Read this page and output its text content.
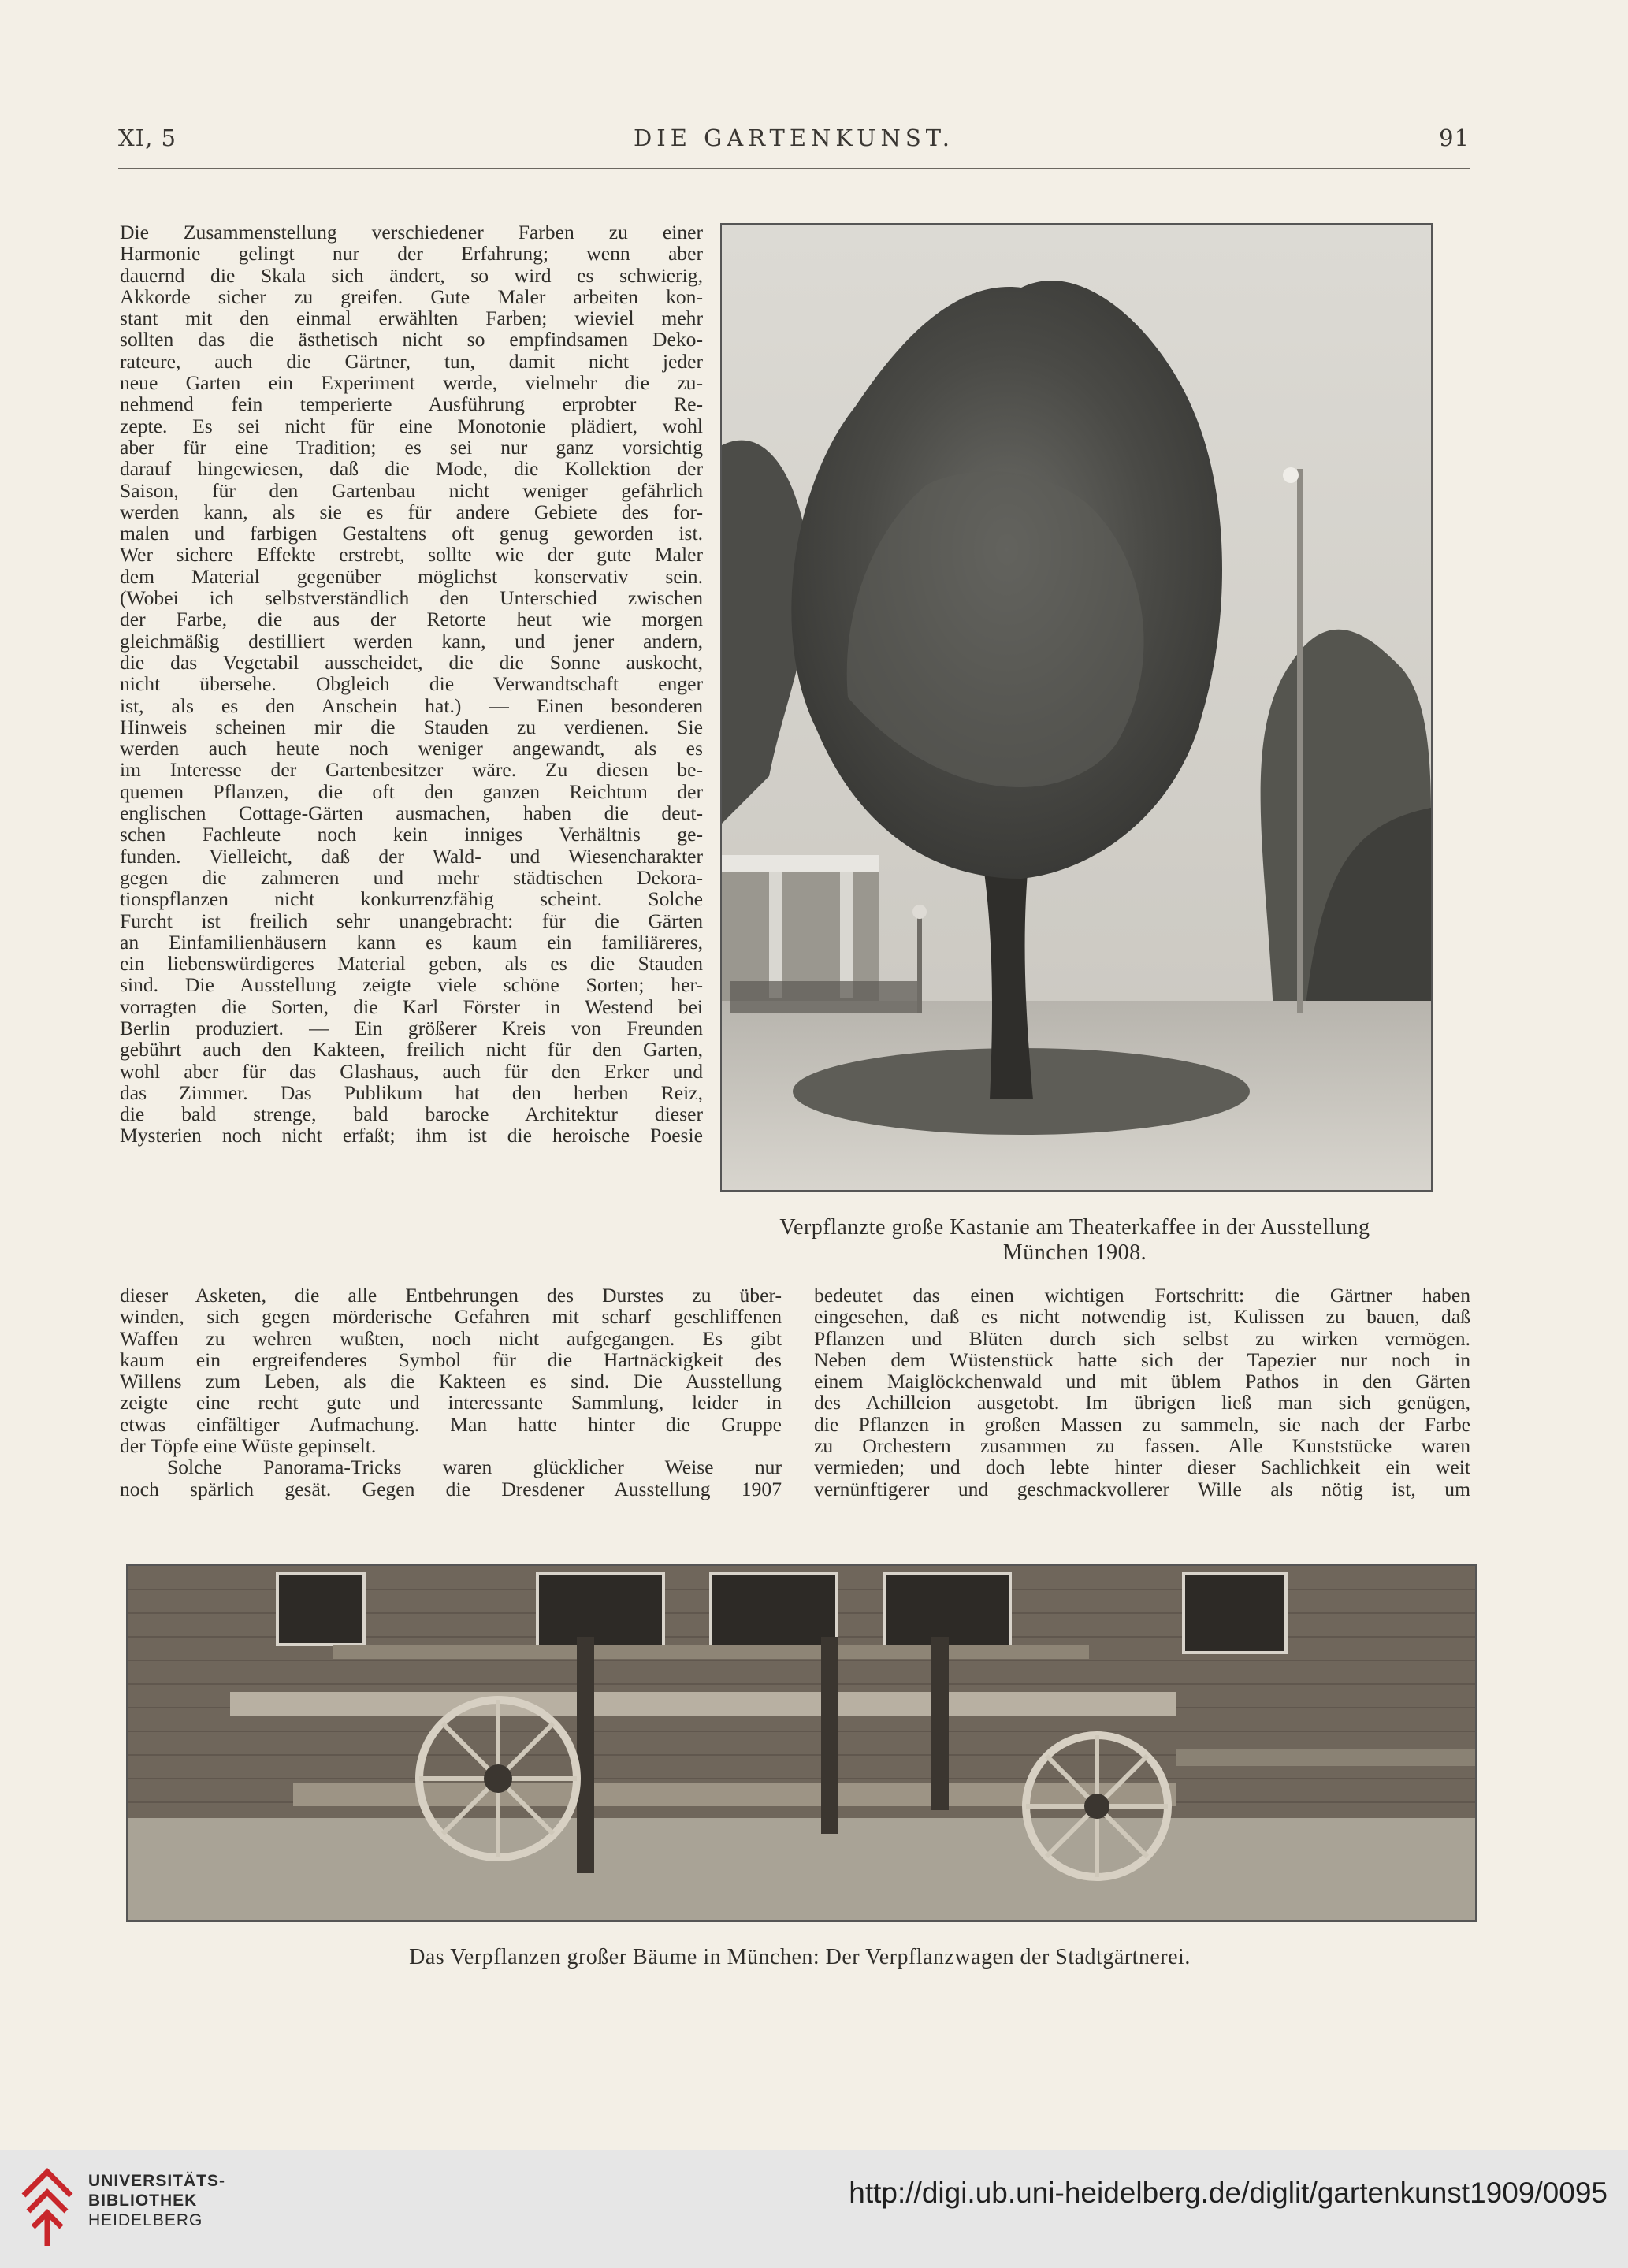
XI, 5	DIE GARTENKUNST.	91
Die Zusammenstellung verschiedener Farben zu einer
Harmonie gelingt nur der Erfahrung; wenn aber
dauernd die Skala sich ändert, so wird es schwierig,
Akkorde sicher zu greifen. Gute Maler arbeiten kon-
stant mit den einmal erwählten Farben; wieviel mehr
sollten das die ästhetisch nicht so empfindsamen Deko-
rateure, auch die Gärtner, tun, damit nicht jeder
neue Garten ein Experiment werde, vielmehr die zu-
nehmend fein temperierte Ausführung erprobter Re-
zepte. Es sei nicht für eine Monotonie plädiert, wohl
aber für eine Tradition; es sei nur ganz vorsichtig
darauf hingewiesen, daß die Mode, die Kollektion der
Saison, für den Gartenbau nicht weniger gefährlich
werden kann, als sie es für andere Gebiete des for-
malen und farbigen Gestaltens oft genug geworden ist.
Wer sichere Effekte erstrebt, sollte wie der gute Maler
dem Material gegenüber möglichst konservativ sein.
(Wobei ich selbstverständlich den Unterschied zwischen
der Farbe, die aus der Retorte heut wie morgen
gleichmäßig destilliert werden kann, und jener andern,
die das Vegetabil ausscheidet, die die Sonne auskocht,
nicht übersehe. Obgleich die Verwandtschaft enger
ist, als es den Anschein hat.) — Einen besonderen
Hinweis scheinen mir die Stauden zu verdienen. Sie
werden auch heute noch weniger angewandt, als es
im Interesse der Gartenbesitzer wäre. Zu diesen be-
quemen Pflanzen, die oft den ganzen Reichtum der
englischen Cottage-Gärten ausmachen, haben die deut-
schen Fachleute noch kein inniges Verhältnis ge-
funden. Vielleicht, daß der Wald- und Wiesencharakter
gegen die zahmeren und mehr städtischen Dekora-
tionspflanzen nicht konkurrenzfähig scheint. Solche
Furcht ist freilich sehr unangebracht: für die Gärten
an Einfamilienhäusern kann es kaum ein familiäreres,
ein liebenswürdigeres Material geben, als es die Stauden
sind. Die Ausstellung zeigte viele schöne Sorten; her-
vorragten die Sorten, die Karl Förster in Westend bei
Berlin produziert. — Ein größerer Kreis von Freunden
gebührt auch den Kakteen, freilich nicht für den Garten,
wohl aber für das Glashaus, auch für den Erker und
das Zimmer. Das Publikum hat den herben Reiz,
die bald strenge, bald barocke Architektur dieser
Mysterien noch nicht erfaßt; ihm ist die heroische Poesie
Verpflanzte große Kastanie am Theaterkaffee in der Ausstellung
München 1908.
dieser Asketen, die alle Entbehrungen des Durstes zu über-
winden, sich gegen mörderische Gefahren mit scharf geschliffenen
Waffen zu wehren wußten, noch nicht aufgegangen. Es gibt
kaum ein ergreifenderes Symbol für die Hartnäckigkeit des
Willens zum Leben, als die Kakteen es sind. Die Ausstellung
zeigte eine recht gute und interessante Sammlung, leider in
etwas einfältiger Aufmachung. Man hatte hinter die Gruppe
der Töpfe eine Wüste gepinselt.
Solche Panorama-Tricks waren glücklicher Weise nur
noch spärlich gesät. Gegen die Dresdener Ausstellung 1907
bedeutet das einen wichtigen Fortschritt: die Gärtner haben
eingesehen, daß es nicht notwendig ist, Kulissen zu bauen, daß
Pflanzen und Blüten durch sich selbst zu wirken vermögen.
Neben dem Wüstenstück hatte sich der Tapezier nur noch in
einem Maiglöckchenwald und mit üblem Pathos in den Gärten
des Achilleion ausgetobt. Im übrigen ließ man sich genügen,
die Pflanzen in großen Massen zu sammeln, sie nach der Farbe
zu Orchestern zusammen zu fassen. Alle Kunststücke waren
vermieden; und doch lebte hinter dieser Sachlichkeit ein weit
vernünftigerer und geschmackvollerer Wille als nötig ist, um
Das Verpflanzen großer Bäume in München: Der Verpflanzwagen der Stadtgärtnerei.
UNIVERSITÄTS-
BIBLIOTHEK
HEIDELBERG
http://digi.ub.uni-heidelberg.de/diglit/gartenkunst1909/0095
